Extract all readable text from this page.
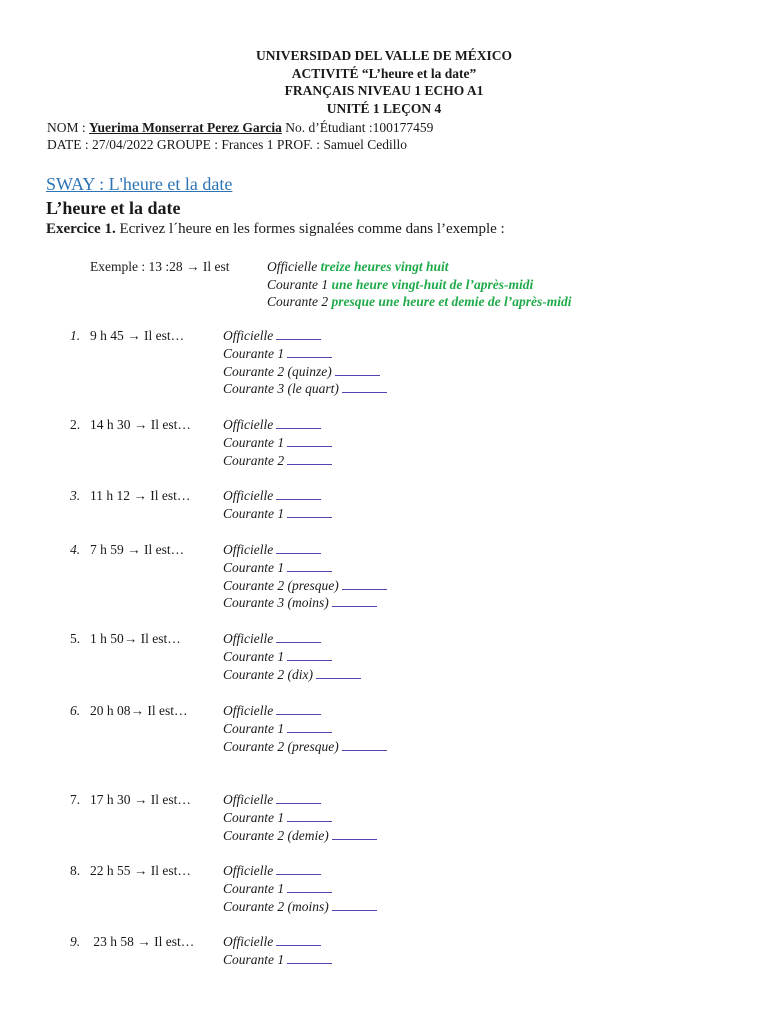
UNIVERSIDAD DEL VALLE DE MÉXICO
ACTIVITÉ “L’heure et la date”
FRANÇAIS NIVEAU 1 ECHO A1
UNITÉ 1 LEÇON 4
NOM : Yuerima Monserrat Perez Garcia No. d’Étudiant :100177459
DATE : 27/04/2022 GROUPE : Frances 1 PROF. : Samuel Cedillo
SWAY : L'heure et la date
L’heure et la date
Exercice 1. Ecrivez l´heure en les formes signalées comme dans l’exemple :
Exemple : 13 :28 → Il est	Officielle treize heures vingt huit
Courante 1 une heure vingt-huit de l’après-midi
Courante 2 presque une heure et demie de l’après-midi
1. 9 h 45 → Il est…	Officielle
Courante 1
Courante 2 (quinze)
Courante 3 (le quart)
2. 14 h 30 → Il est… Officielle
Courante 1
Courante 2
3. 11 h 12 → Il est… Officielle
Courante 1
4. 7 h 59 → Il est…	Officielle
Courante 1
Courante 2 (presque)
Courante 3 (moins)
5. 1 h 50→ Il est…	Officielle
Courante 1
Courante 2 (dix)
6. 20 h 08→ Il est…	Officielle
Courante 1
Courante 2 (presque)
7. 17 h 30 → Il est… Officielle
Courante 1
Courante 2 (demie)
8. 22 h 55 → Il est… Officielle
Courante 1
Courante 2 (moins)
9. 23 h 58 → Il est… Officielle
Courante 1
